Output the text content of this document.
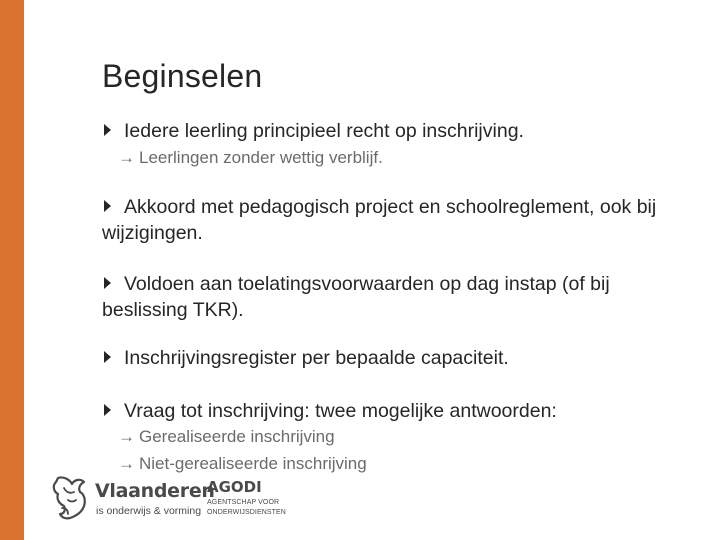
Beginselen
Iedere leerling principieel recht op inschrijving.
Akkoord met pedagogisch project en schoolreglement, ook bij wijzigingen.
Voldoen aan toelatingsvoorwaarden op dag instap (of bij beslissing TKR).
Inschrijvingsregister per bepaalde capaciteit.
Vraag tot inschrijving: twee mogelijke antwoorden:
→ Leerlingen zonder wettig verblijf.
→ Gerealiseerde inschrijving
→ Niet-gerealiseerde inschrijving
Vlaanderen
is onderwijs & vorming
AGODI
AGENTSCHAP VOOR
ONDERWIJSDIENSTEN
